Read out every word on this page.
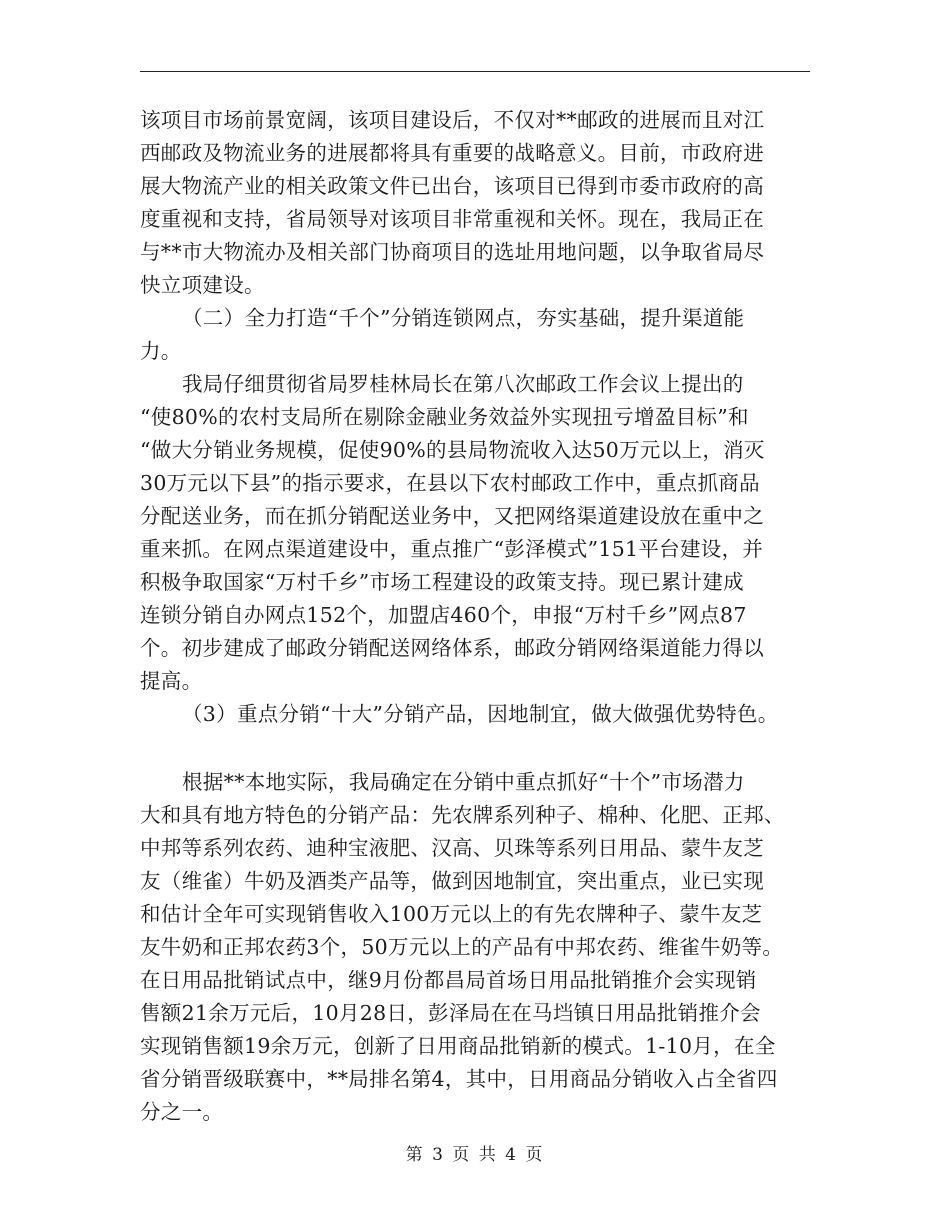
该项目市场前景宽阔，该项目建设后，不仅对**邮政的进展而且对江
西邮政及物流业务的进展都将具有重要的战略意义。目前，市政府进
展大物流产业的相关政策文件已出台，该项目已得到市委市政府的高
度重视和支持，省局领导对该项目非常重视和关怀。现在，我局正在
与**市大物流办及相关部门协商项目的选址用地问题，以争取省局尽
快立项建设。
（二）全力打造“千个”分销连锁网点，夯实基础，提升渠道能
力。
我局仔细贯彻省局罗桂林局长在第八次邮政工作会议上提出的
“使80%的农村支局所在剔除金融业务效益外实现扭亏增盈目标”和
“做大分销业务规模，促使90%的县局物流收入达50万元以上，消灭
30万元以下县”的指示要求，在县以下农村邮政工作中，重点抓商品
分配送业务，而在抓分销配送业务中，又把网络渠道建设放在重中之
重来抓。在网点渠道建设中，重点推广“彭泽模式”151平台建设，并
积极争取国家“万村千乡”市场工程建设的政策支持。现已累计建成
连锁分销自办网点152个，加盟店460个，申报“万村千乡”网点87
个。初步建成了邮政分销配送网络体系，邮政分销网络渠道能力得以
提高。
（3）重点分销“十大”分销产品，因地制宜，做大做强优势特色。
根据**本地实际，我局确定在分销中重点抓好“十个”市场潜力
大和具有地方特色的分销产品：先农牌系列种子、棉种、化肥、正邦、
中邦等系列农药、迪种宝液肥、汉高、贝珠等系列日用品、蒙牛友芝
友（维雀）牛奶及酒类产品等，做到因地制宜，突出重点，业已实现
和估计全年可实现销售收入100万元以上的有先农牌种子、蒙牛友芝
友牛奶和正邦农药3个，50万元以上的产品有中邦农药、维雀牛奶等。
在日用品批销试点中，继9月份都昌局首场日用品批销推介会实现销
售额21余万元后，10月28日，彭泽局在在马垱镇日用品批销推介会
实现销售额19余万元，创新了日用商品批销新的模式。1-10月，在全
省分销晋级联赛中，**局排名第4，其中，日用商品分销收入占全省四
分之一。
第 3 页 共 4 页
